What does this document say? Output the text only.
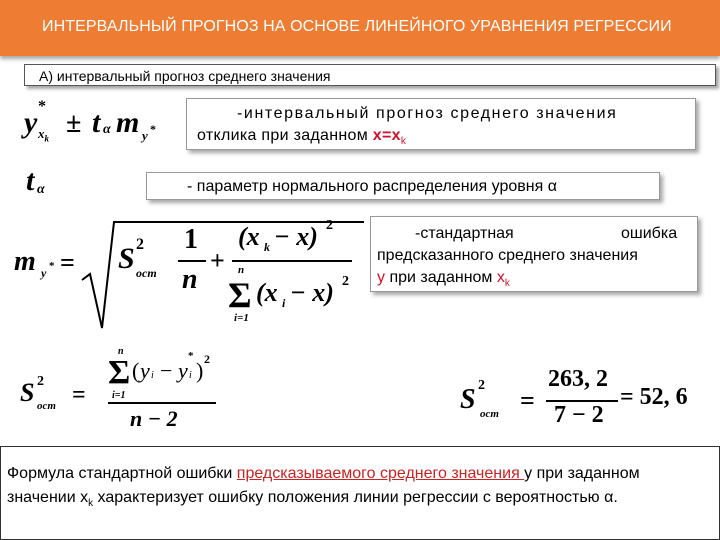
ИНТЕРВАЛЬНЫЙ ПРОГНОЗ НА ОСНОВЕ ЛИНЕЙНОГО УРАВНЕНИЯ РЕГРЕССИИ
А) интервальный прогноз среднего значения
y *
$x_k \pm t$ α m y *
-интервальный прогноз среднего значения
отклика при заданном $x=x_k$
t α	- параметр нормального распределения уровня α
m y * = S 2
ост
1
n
+
(x k − x) 2
Σ
n
i=1
(x i − x) 2
-стандартная	ошибка
предсказанного среднего значения
y при заданном $x_k$
S 2
ост =
Σ
n
i=1
( y i − y
*
i ) 2
n − 2
S 2
ост =
263, 2
7 − 2
= 52, 6

Формула стандартной ошибки предсказываемого среднего значения у при заданном значении $x_k$ характеризует ошибку положения линии регрессии с вероятностью α.
